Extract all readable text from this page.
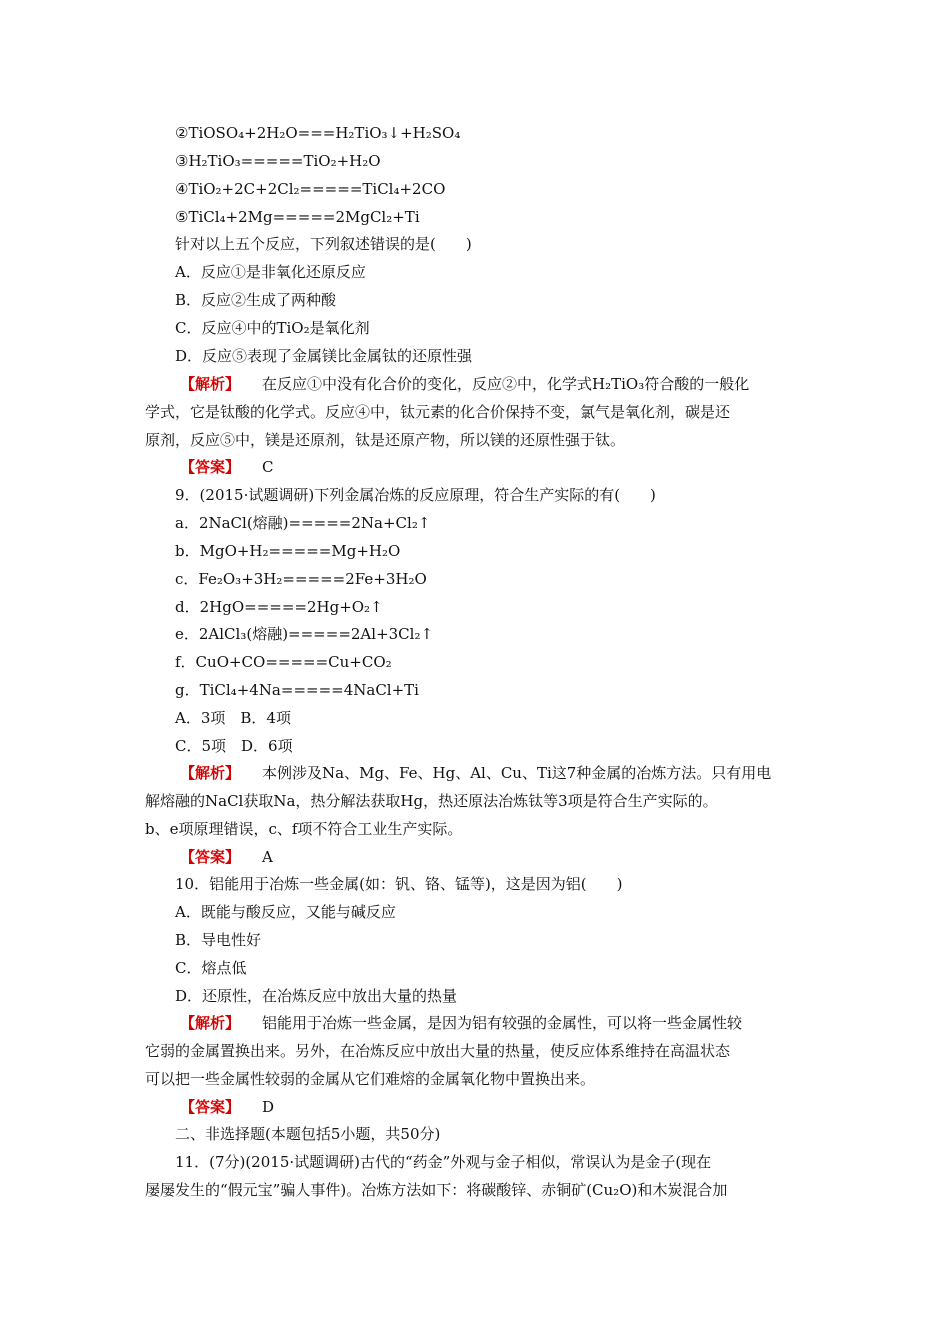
②TiOSO₄+2H₂O===H₂TiO₃↓+H₂SO₄
③H₂TiO₃=====TiO₂+H₂O
④TiO₂+2C+2Cl₂=====TiCl₄+2CO
⑤TiCl₄+2Mg=====2MgCl₂+Ti
针对以上五个反应，下列叙述错误的是(　　)
A．反应①是非氧化还原反应
B．反应②生成了两种酸
C．反应④中的TiO₂是氧化剂
D．反应⑤表现了金属镁比金属钛的还原性强
【解析】 在反应①中没有化合价的变化，反应②中，化学式H₂TiO₃符合酸的一般化
学式，它是钛酸的化学式。反应④中，钛元素的化合价保持不变，氯气是氧化剂，碳是还
原剂，反应⑤中，镁是还原剂，钛是还原产物，所以镁的还原性强于钛。
【答案】 C
9．(2015·试题调研)下列金属冶炼的反应原理，符合生产实际的有(　　)
a．2NaCl(熔融)=====2Na+Cl₂↑
b．MgO+H₂=====Mg+H₂O
c．Fe₂O₃+3H₂=====2Fe+3H₂O
d．2HgO=====2Hg+O₂↑
e．2AlCl₃(熔融)=====2Al+3Cl₂↑
f．CuO+CO=====Cu+CO₂
g．TiCl₄+4Na=====4NaCl+Ti
A．3项　B．4项
C．5项　D．6项
【解析】 本例涉及Na、Mg、Fe、Hg、Al、Cu、Ti这7种金属的冶炼方法。只有用电
解熔融的NaCl获取Na，热分解法获取Hg，热还原法冶炼钛等3项是符合生产实际的。
b、e项原理错误，c、f项不符合工业生产实际。
【答案】 A
10．铝能用于冶炼一些金属(如：钒、铬、锰等)，这是因为铝(　　)
A．既能与酸反应，又能与碱反应
B．导电性好
C．熔点低
D．还原性，在冶炼反应中放出大量的热量
【解析】 铝能用于冶炼一些金属，是因为铝有较强的金属性，可以将一些金属性较
它弱的金属置换出来。另外，在冶炼反应中放出大量的热量，使反应体系维持在高温状态
可以把一些金属性较弱的金属从它们难熔的金属氧化物中置换出来。
【答案】 D
二、非选择题(本题包括5小题，共50分)
11．(7分)(2015·试题调研)古代的“药金”外观与金子相似，常误认为是金子(现在
屡屡发生的“假元宝”骗人事件)。冶炼方法如下：将碳酸锌、赤铜矿(Cu₂O)和木炭混合加
